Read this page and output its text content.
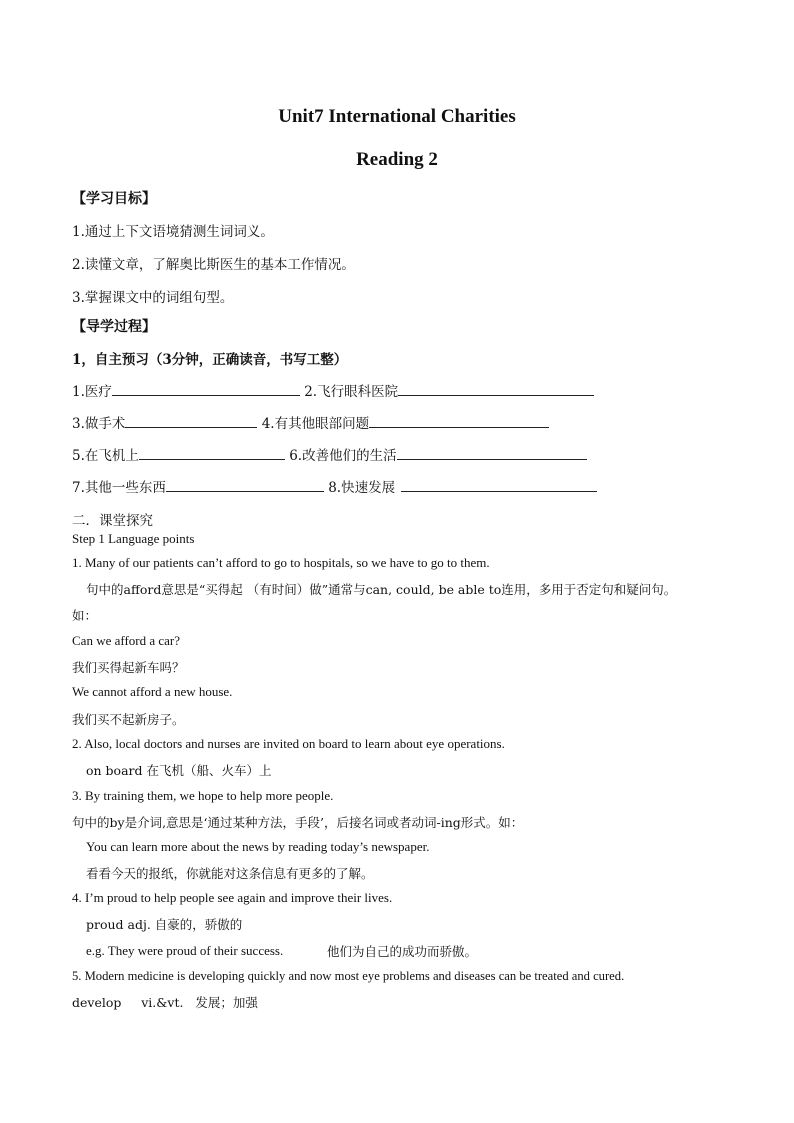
Unit7 International Charities
Reading 2
【学习目标】
1.通过上下文语境猜测生词词义。
2.读懂文章，了解奥比斯医生的基本工作情况。
3.掌握课文中的词组句型。
【导学过程】
1，自主预习（3分钟，正确读音，书写工整）
1.医疗	2.飞行眼科医院
3.做手术	4.有其他眼部问题
5.在飞机上	6.改善他们的生活
7.其他一些东西	8.快速发展
二．课堂探究
Step 1 Language points
1. Many of our patients can’t afford to go to hospitals, so we have to go to them.
句中的afford意思是“买得起 （有时间）做”通常与can, could, be able to连用，多用于否定句和疑问句。
如：
Can we afford a car?
我们买得起新车吗？
We cannot afford a new house.
我们买不起新房子。
2. Also, local doctors and nurses are invited on board to learn about eye operations.
on board 在飞机（船、火车）上
3. By training them, we hope to help more people.
句中的by是介词,意思是‘通过某种方法，手段’，后接名词或者动词-ing形式。如：
You can learn more about the news by reading today’s newspaper.
看看今天的报纸，你就能对这条信息有更多的了解。
4. I’m proud to help people see again and improve their lives.
proud adj. 自豪的，骄傲的
e.g. They were proud of their success.	他们为自己的成功而骄傲。
5. Modern medicine is developing quickly and now most eye problems and diseases can be treated and cured.
develop     vi.&vt.   发展；加强
